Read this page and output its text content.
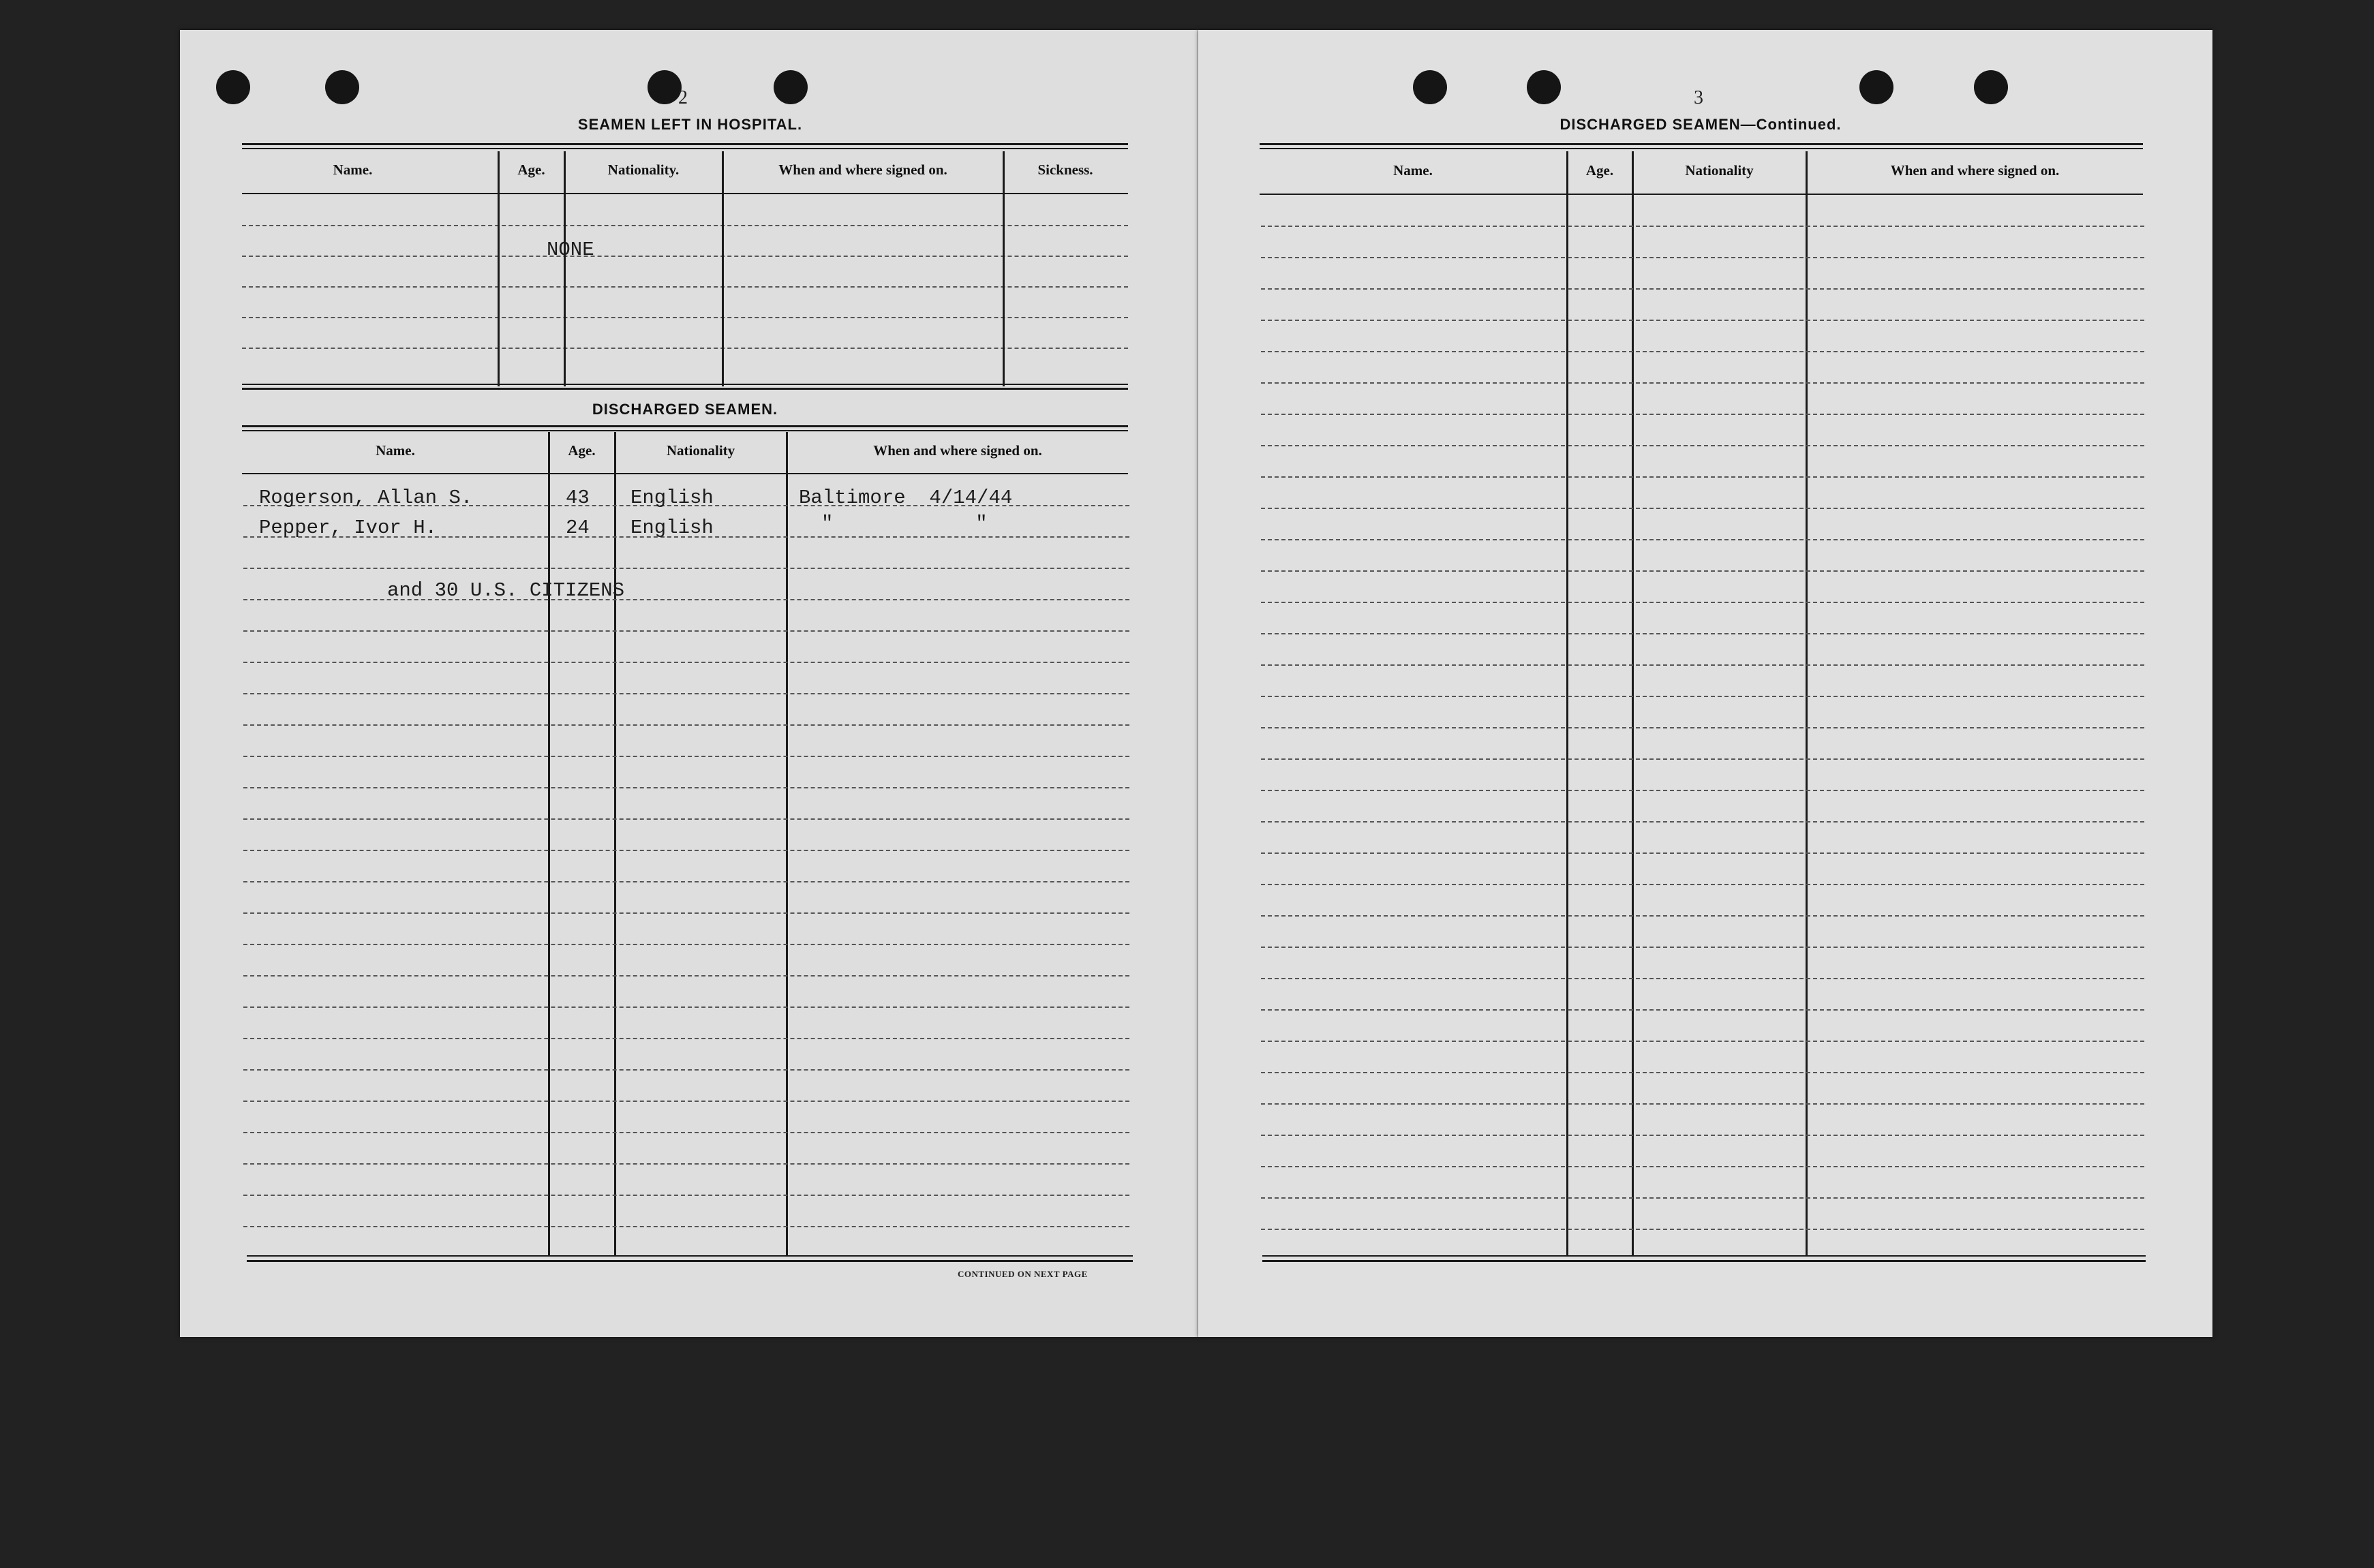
2
SEAMEN LEFT IN HOSPITAL.
Name.	Age.	Nationality.	When and where signed on.	Sickness.
NONE
DISCHARGED SEAMEN.
Name.	Age.	Nationality	When and where signed on.
Rogerson, Allan S.	43 English	Baltimore  4/14/44
Pepper, Ivor H.	24 English	"            "
and 30 U.S. CITIZENS
CONTINUED ON NEXT PAGE
3
DISCHARGED SEAMEN—Continued.
Name.	Age.	Nationality	When and where signed on.
